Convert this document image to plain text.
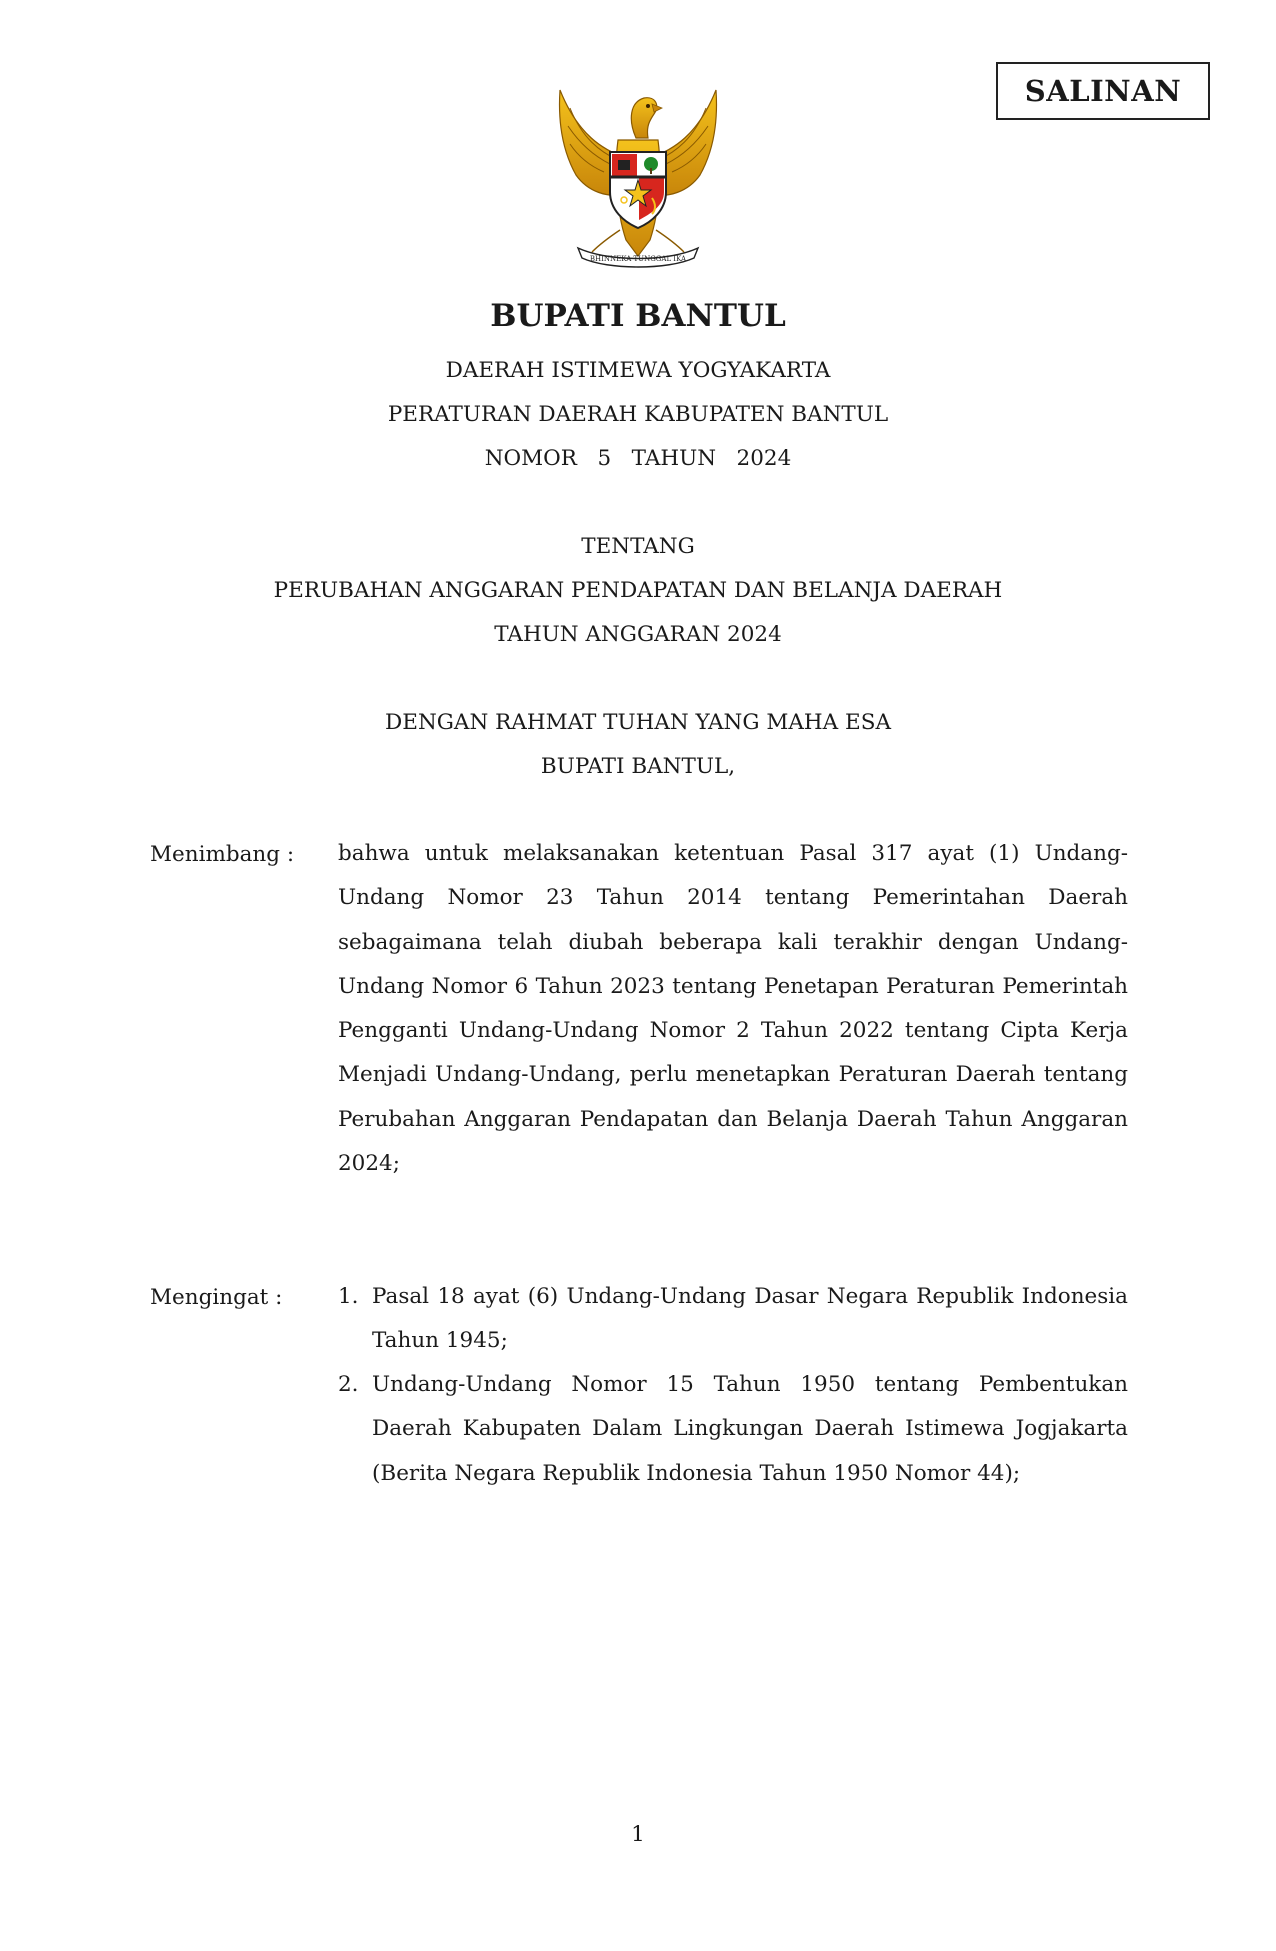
SALINAN
BHINNEKA TUNGGAL IKA
BUPATI BANTUL
DAERAH ISTIMEWA YOGYAKARTA
PERATURAN DAERAH KABUPATEN BANTUL
NOMOR   5   TAHUN   2024
TENTANG
PERUBAHAN ANGGARAN PENDAPATAN DAN BELANJA DAERAH
TAHUN ANGGARAN 2024
DENGAN RAHMAT TUHAN YANG MAHA ESA
BUPATI BANTUL,
Menimbang : bahwa untuk melaksanakan ketentuan Pasal 317 ayat (1) Undang-Undang Nomor 23 Tahun 2014 tentang Pemerintahan Daerah sebagaimana telah diubah beberapa kali terakhir dengan Undang-Undang Nomor 6 Tahun 2023 tentang Penetapan Peraturan Pemerintah Pengganti Undang-Undang Nomor 2 Tahun 2022 tentang Cipta Kerja Menjadi Undang-Undang, perlu menetapkan Peraturan Daerah tentang Perubahan Anggaran Pendapatan dan Belanja Daerah Tahun Anggaran 2024;
Mengingat :	1. Pasal 18 ayat (6) Undang-Undang Dasar Negara Republik Indonesia Tahun 1945;
2. Undang-Undang Nomor 15 Tahun 1950 tentang Pembentukan Daerah Kabupaten Dalam Lingkungan Daerah Istimewa Jogjakarta (Berita Negara Republik Indonesia Tahun 1950 Nomor 44);
1
